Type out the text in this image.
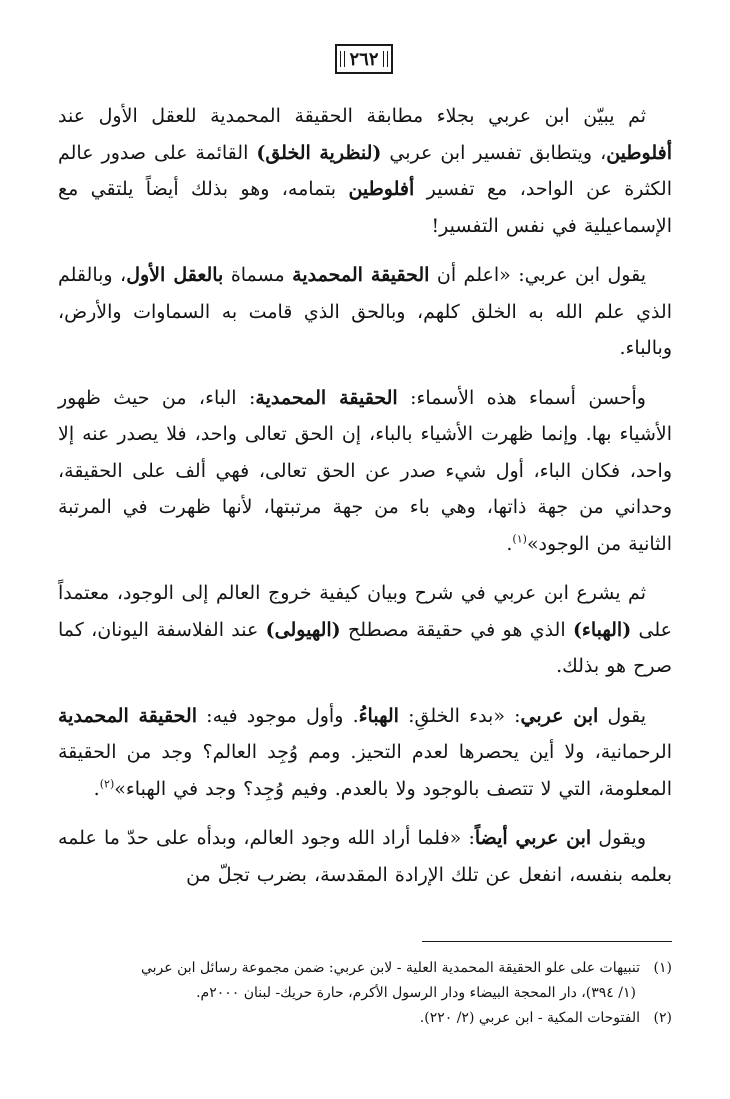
٢٦٢

ثم يبيّن ابن عربي بجلاء مطابقة الحقيقة المحمدية للعقل الأول عند أفلوطين، ويتطابق تفسير ابن عربي (لنظرية الخلق) القائمة على صدور عالم الكثرة عن الواحد، مع تفسير أفلوطين بتمامه، وهو بذلك أيضاً يلتقي مع الإسماعيلية في نفس التفسير!

يقول ابن عربي: «اعلم أن الحقيقة المحمدية مسماة بالعقل الأول، وبالقلم الذي علم الله به الخلق كلهم، وبالحق الذي قامت به السماوات والأرض، وبالباء.

وأحسن أسماء هذه الأسماء: الحقيقة المحمدية: الباء، من حيث ظهور الأشياء بها. وإنما ظهرت الأشياء بالباء، إن الحق تعالى واحد، فلا يصدر عنه إلا واحد، فكان الباء، أول شيء صدر عن الحق تعالى، فهي ألف على الحقيقة، وحداني من جهة ذاتها، وهي باء من جهة مرتبتها، لأنها ظهرت في المرتبة الثانية من الوجود»$^{(١)}$.

ثم يشرع ابن عربي في شرح وبيان كيفية خروج العالم إلى الوجود، معتمداً على (الهباء) الذي هو في حقيقة مصطلح (الهيولى) عند الفلاسفة اليونان، كما صرح هو بذلك.

يقول ابن عربي: «بدء الخلقِ: الهباءُ. وأول موجود فيه: الحقيقة المحمدية الرحمانية، ولا أين يحصرها لعدم التحيز. ومم وُجِد العالم؟ وجد من الحقيقة المعلومة، التي لا تتصف بالوجود ولا بالعدم. وفيم وُجِد؟ وجد في الهباء»$^{(٢)}$.

ويقول ابن عربي أيضاً: «فلما أراد الله وجود العالم، وبدأه على حدّ ما علمه بعلمه بنفسه، انفعل عن تلك الإرادة المقدسة، بضرب تجلّ من

(١)تنبيهات على علو الحقيقة المحمدية العلية - لابن عربي: ضمن مجموعة رسائل ابن عربي

(١/ ٣٩٤)، دار المحجة البيضاء ودار الرسول الأكرم، حارة حريك- لبنان ٢٠٠٠م.

(٢)الفتوحات المكية - ابن عربي (٢/ ٢٢٠).
